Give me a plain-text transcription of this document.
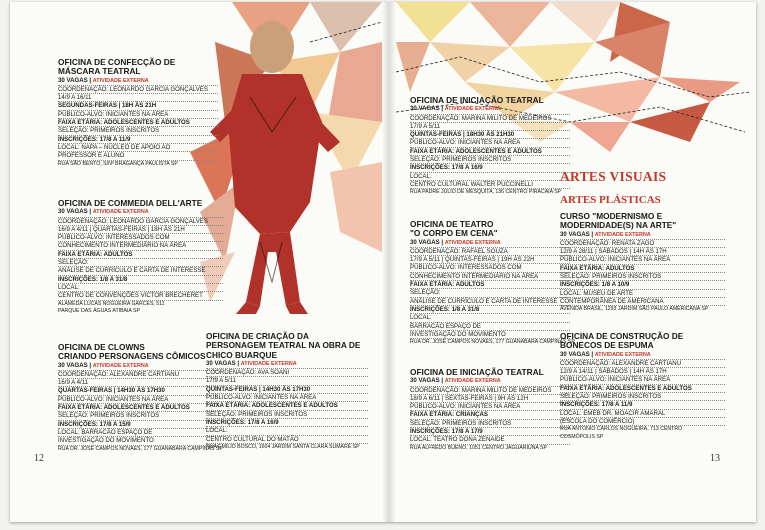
OFICINA DE CONFECÇÃO DE
MÁSCARA TEATRAL
30 VAGAS | ATIVIDADE EXTERNA
COORDENAÇÃO: LEONARDO GARCIA GONÇALVES
14/9 A 16/11
SEGUNDAS-FEIRAS | 18H ÀS 21H
PÚBLICO-ALVO: INICIANTES NA ÁREA
FAIXA ETÁRIA: ADOLESCENTES E ADULTOS
SELEÇÃO: PRIMEIROS INSCRITOS
INSCRIÇÕES: 17/8 A 11/9
LOCAL: NAPA – NÚCLEO DE APOIO AO
PROFESSOR E ALUNO
RUA SÃO BENTO, S/Nº BRAGANÇA PAULISTA SP
OFICINA DE COMMEDIA DELL'ARTE
30 VAGAS | ATIVIDADE EXTERNA
COORDENAÇÃO: LEONARDO GARCIA GONÇALVES
16/9 A 4/11 | QUARTAS-FEIRAS | 18H ÀS 21H
PÚBLICO-ALVO: INTERESSADOS COM
CONHECIMENTO INTERMEDIÁRIO NA ÁREA
FAIXA ETÁRIA: ADULTOS
SELEÇÃO:
ANÁLISE DE CURRÍCULO E CARTA DE INTERESSE
INSCRIÇÕES: 1/8 A 31/8
LOCAL:
CENTRO DE CONVENÇÕES VICTOR BRECHERET
ALAMEDA LUCAS NOGUEIRA GARCES, 511
PARQUE DAS ÁGUAS ATIBAIA SP
OFICINA DE CLOWNS
CRIANDO PERSONAGENS CÔMICOS
30 VAGAS | ATIVIDADE EXTERNA
COORDENAÇÃO: ALEXANDRE CARTIANU
16/9 A 4/11
QUARTAS-FEIRAS | 14H30 ÀS 17H30
PÚBLICO-ALVO: INICIANTES NA ÁREA
FAIXA ETÁRIA: ADOLESCENTES E ADULTOS
SELEÇÃO: PRIMEIROS INSCRITOS
INSCRIÇÕES: 17/8 A 15/9
LOCAL: BARRACÃO ESPAÇO DE
INVESTIGAÇÃO DO MOVIMENTO
RUA DR. JOSÉ CAMPOS NOVAES, 177 GUANABARA CAMPINAS SP
OFICINA DE CRIAÇÃO DA
PERSONAGEM TEATRAL NA OBRA DE
CHICO BUARQUE
30 VAGAS | ATIVIDADE EXTERNA
COORDENAÇÃO: AVA SOANI
17/9 A 5/11
QUINTAS-FEIRAS | 14H30 ÀS 17H30
PÚBLICO-ALVO: INICIANTES NA ÁREA
FAIXA ETÁRIA: ADOLESCENTES E ADULTOS
SELEÇÃO: PRIMEIROS INSCRITOS
INSCRIÇÕES: 17/8 A 16/9
LOCAL:
CENTRO CULTURAL DO MATÃO
RUA EMILIO BOSCO, 1604 JARDIM SANTA CLARA SUMARÉ SP
OFICINA DE INICIAÇÃO TEATRAL
30 VAGAS | ATIVIDADE EXTERNA
COORDENAÇÃO: MARINA MILITO DE MEDEIROS
17/9 A 5/11
QUINTAS-FEIRAS | 18H30 ÀS 21H30
PÚBLICO-ALVO: INICIANTES NA ÁREA
FAIXA ETÁRIA: ADOLESCENTES E ADULTOS
SELEÇÃO: PRIMEIROS INSCRITOS
INSCRIÇÕES: 17/8 A 16/9
LOCAL:
CENTRO CULTURAL WALTER PUCCINELLI
RUA PADRE JÚLIO DE MESQUITA, 136 CENTRO PIRACAIA SP
OFICINA DE TEATRO
"O CORPO EM CENA"
30 VAGAS | ATIVIDADE EXTERNA
COORDENAÇÃO: RAFAEL SOUZA
17/9 A 5/11 | QUINTAS-FEIRAS | 19H ÀS 22H
PÚBLICO-ALVO: INTERESSADOS COM
CONHECIMENTO INTERMEDIÁRIO NA ÁREA
FAIXA ETÁRIA: ADULTOS
SELEÇÃO:
ANÁLISE DE CURRÍCULO E CARTA DE INTERESSE
INSCRIÇÕES: 1/8 A 31/8
LOCAL:
BARRACÃO ESPAÇO DE
INVESTIGAÇÃO DO MOVIMENTO
RUA DR. JOSÉ CAMPOS NOVAES, 177 GUANABARA CAMPINAS SP
OFICINA DE INICIAÇÃO TEATRAL
30 VAGAS | ATIVIDADE EXTERNA
COORDENAÇÃO: MARINA MILITO DE MEDEIROS
18/9 A 6/11 | SEXTAS-FEIRAS | 9H ÀS 12H
PÚBLICO-ALVO: INICIANTES NA ÁREA
FAIXA ETÁRIA: CRIANÇAS
SELEÇÃO: PRIMEIROS INSCRITOS
INSCRIÇÕES: 17/8 A 17/9
LOCAL: TEATRO DONA ZENAIDE
RUA ALFREDO BUENO, 1051 CENTRO JAGUARIÚNA SP
ARTES VISUAIS
ARTES PLÁSTICAS
CURSO "MODERNISMO E
MODERNIDADE(S) NA ARTE"
30 VAGAS | ATIVIDADE EXTERNA
COORDENAÇÃO: RENATA ZAGO
12/9 A 28/11 | SÁBADOS | 14H ÀS 17H
PÚBLICO-ALVO: INICIANTES NA ÁREA
FAIXA ETÁRIA: ADULTOS
SELEÇÃO: PRIMEIROS INSCRITOS
INSCRIÇÕES: 1/8 A 10/9
LOCAL: MUSEU DE ARTE
CONTEMPORÂNEA DE AMERICANA
AVENIDA BRASIL, 1293 JARDIM SÃO PAULO AMERICANA SP
OFICINA DE CONSTRUÇÃO DE
BONECOS DE ESPUMA
30 VAGAS | ATIVIDADE EXTERNA
COORDENAÇÃO: ALEXANDRE CARTIANU
12/9 A 14/11 | SÁBADOS | 14H ÀS 17H
PÚBLICO-ALVO: INICIANTES NA ÁREA
FAIXA ETÁRIA: ADOLESCENTES E ADULTOS
SELEÇÃO: PRIMEIROS INSCRITOS
INSCRIÇÕES: 17/8 A 11/9
LOCAL: EMEB DR. MOACIR AMARAL
(ESCOLA DO COMÉRCIO)
RUA ANTONIO CARLOS NOGUEIRA, 713 CENTRO
COSMÓPOLIS SP
12	13
